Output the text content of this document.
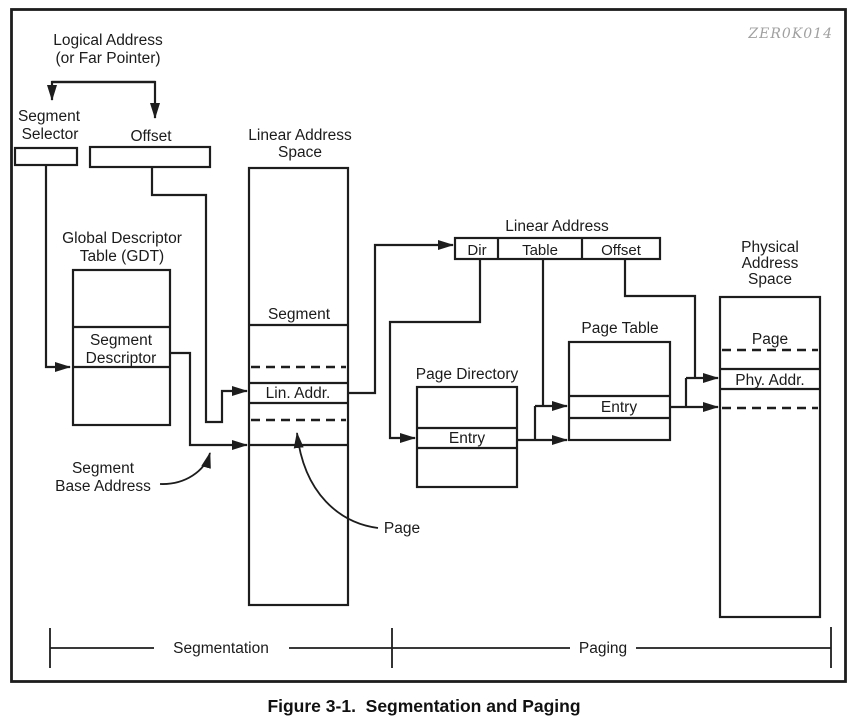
ZER0K014
Logical Address
(or Far Pointer)
Segment
Selector	Offset
Global Descriptor
Table (GDT)
Segment
Descriptor
Linear Address
Space
Segment
Lin. Addr.
Segment
Base Address
Page
Linear Address
Dir Table	Offset
Page Directory
Entry
Page Table
Entry
Physical
Address
Space
Page
Phy. Addr.
Segmentation	Paging
Figure 3-1.  Segmentation and Paging
